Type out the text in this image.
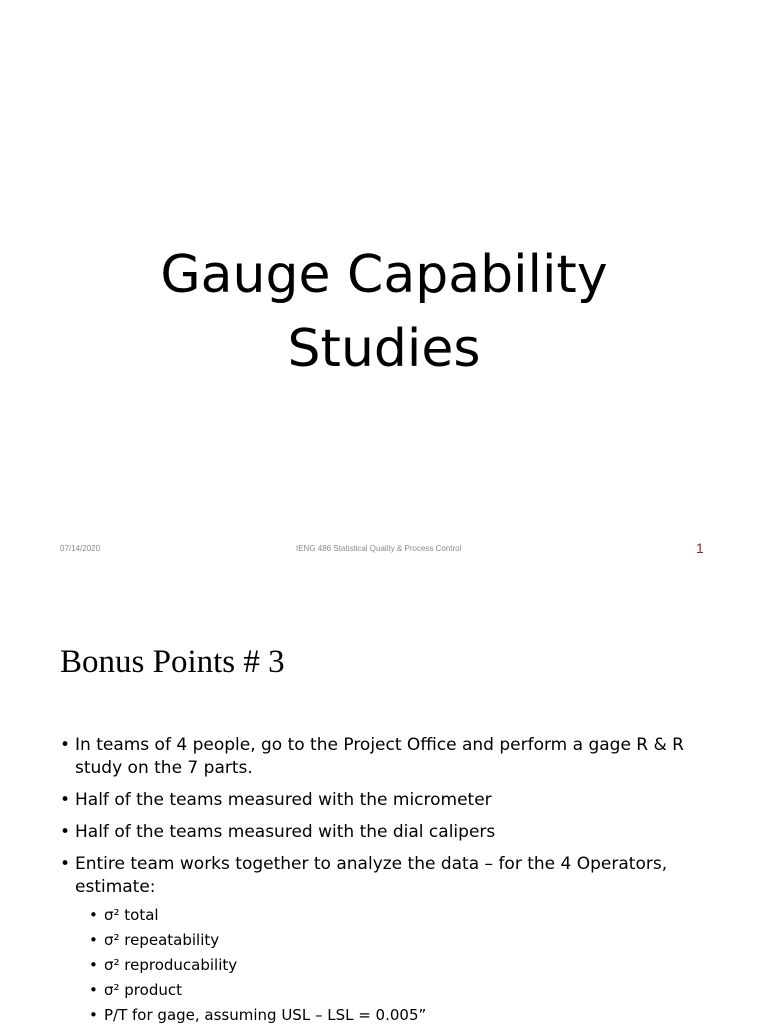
Gauge Capability
Studies
07/14/2020	IENG 486 Statistical Quality & Process Control	1
Bonus Points # 3
• In teams of 4 people, go to the Project Office and perform a gage R & R study on the 7 parts.
• Half of the teams measured with the micrometer
• Half of the teams measured with the dial calipers
• Entire team works together to analyze the data – for the 4 Operators, estimate:
• σ² total
• σ² repeatability
• σ² reproducability
• σ² product
• P/T for gage, assuming USL – LSL = 0.005”
